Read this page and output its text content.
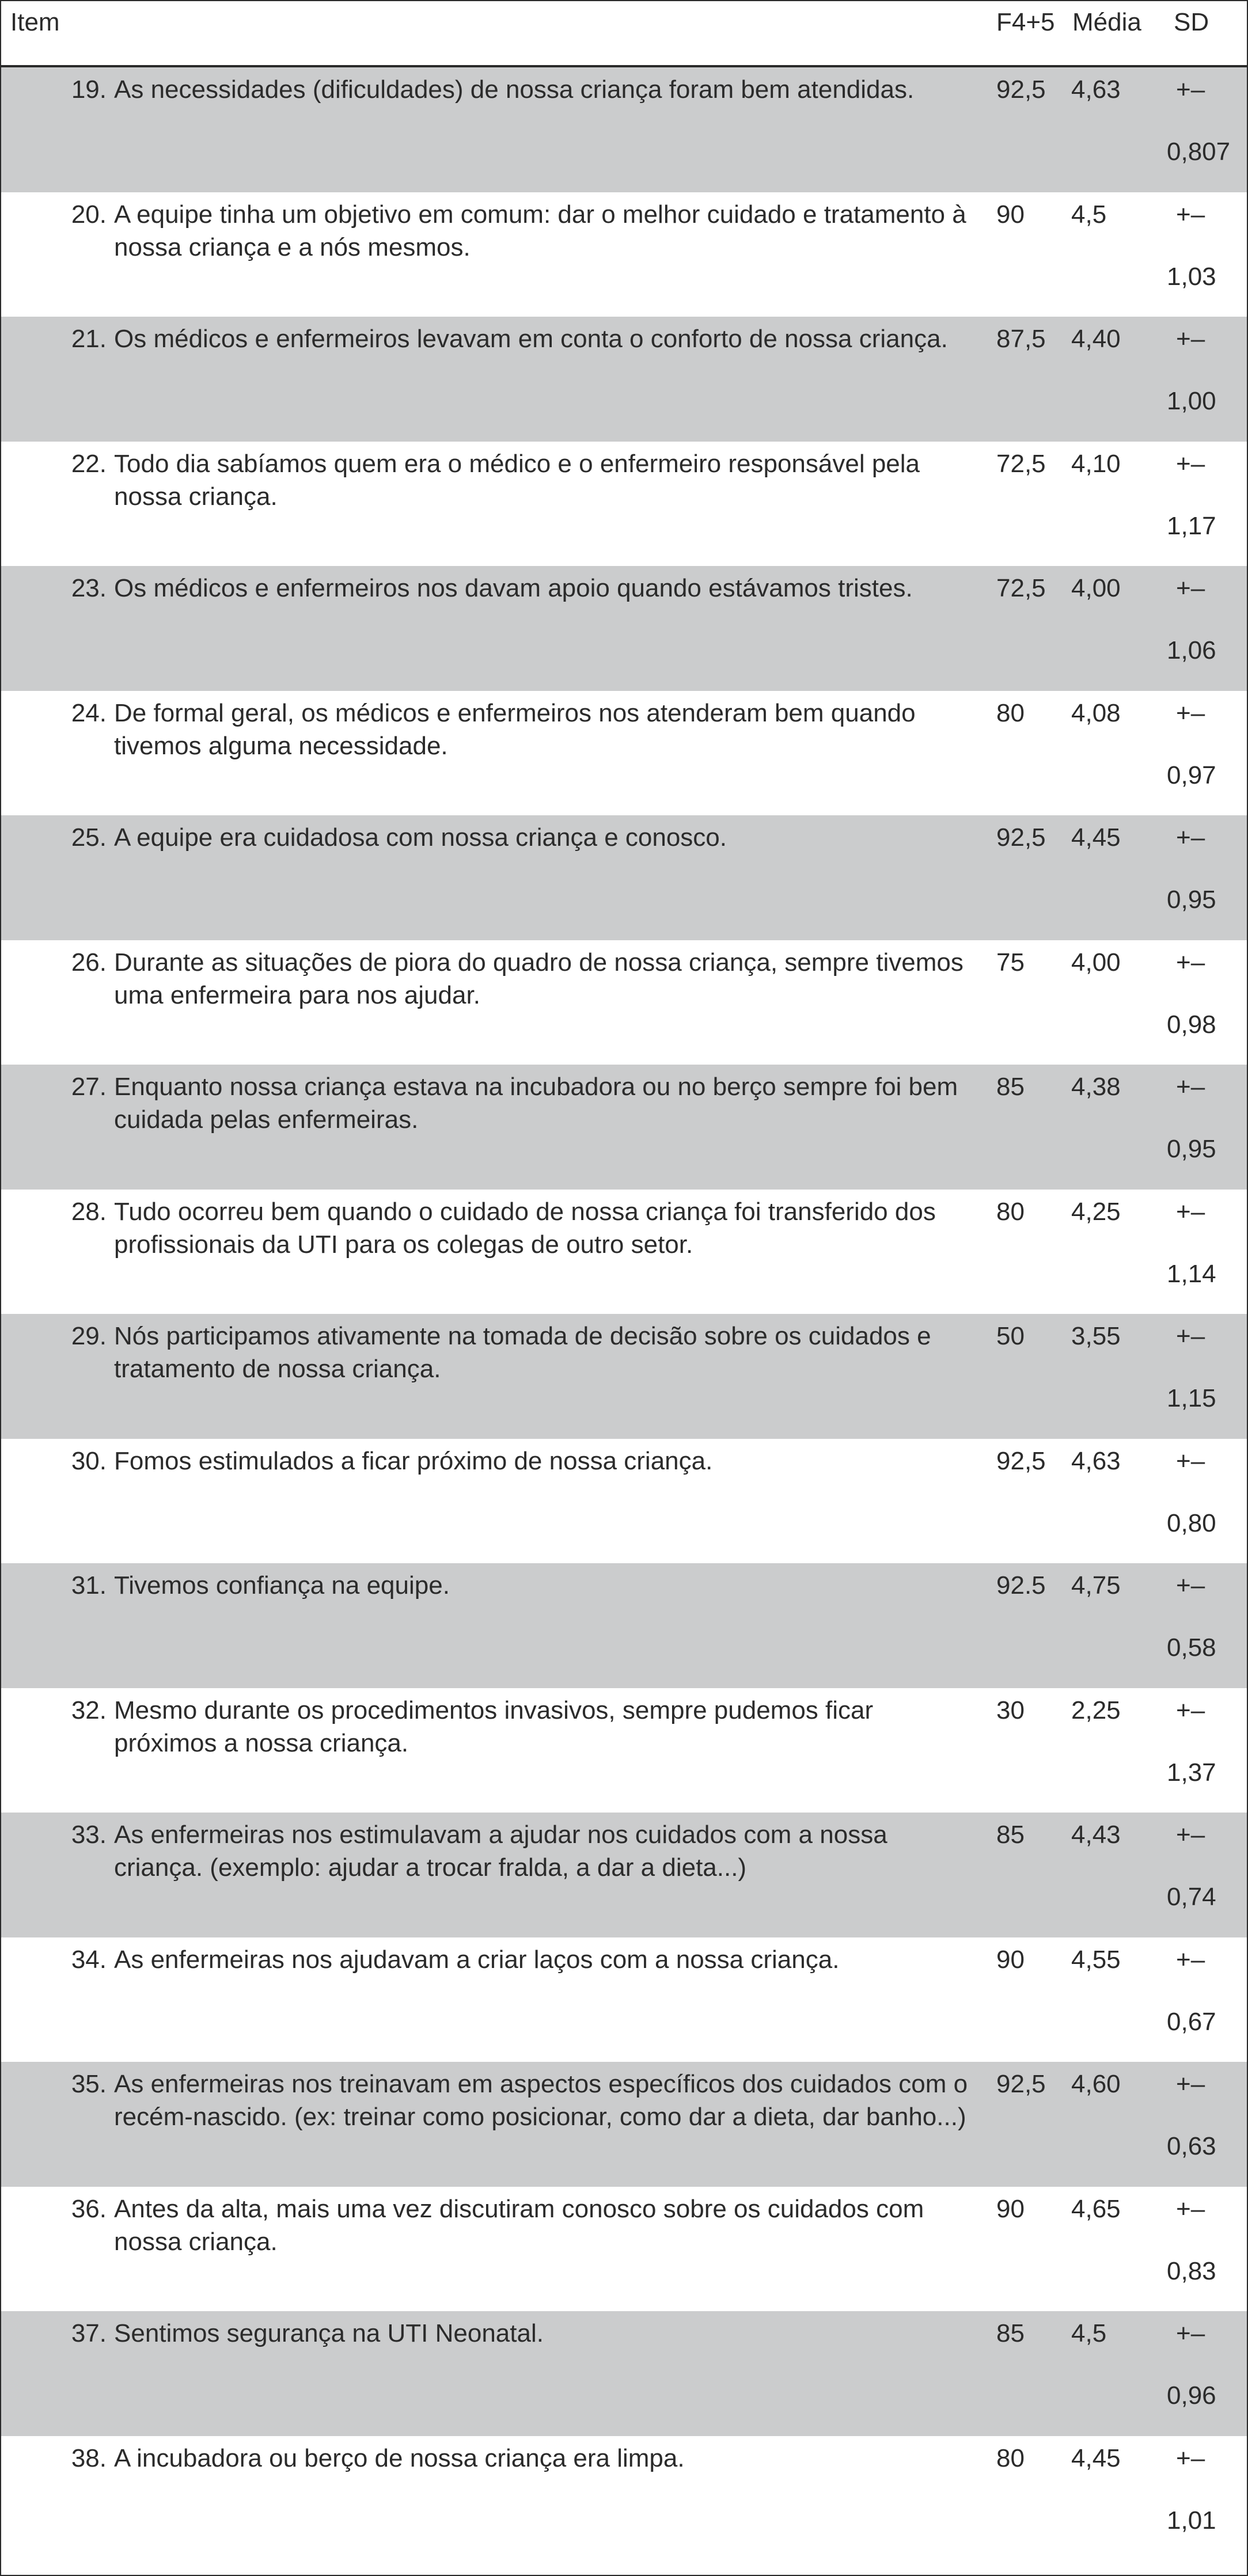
Item	F4+5 Média SD
19. As necessidades (dificuldades) de nossa criança foram bem atendidas.	92,5 4,63 +–
0,807
20. A equipe tinha um objetivo em comum: dar o melhor cuidado e tratamento à nossa criança e a nós mesmos.
90 4,5	+–
1,03
21. Os médicos e enfermeiros levavam em conta o conforto de nossa criança.	87,5 4,40 +–
1,00
22. Todo dia sabíamos quem era o médico e o enfermeiro responsável pela nossa criança.
72,5 4,10 +–
1,17
23. Os médicos e enfermeiros nos davam apoio quando estávamos tristes.	72,5 4,00 +–
1,06
24. De formal geral, os médicos e enfermeiros nos atenderam bem quando tivemos alguma necessidade.
80 4,08 +–
0,97
25. A equipe era cuidadosa com nossa criança e conosco.	92,5 4,45 +–
0,95
26. Durante as situações de piora do quadro de nossa criança, sempre tivemos uma enfermeira para nos ajudar.
75 4,00 +–
0,98
27. Enquanto nossa criança estava na incubadora ou no berço sempre foi bem cuidada pelas enfermeiras.
85 4,38 +–
0,95
28. Tudo ocorreu bem quando o cuidado de nossa criança foi transferido dos profissionais da UTI para os colegas de outro setor.
80 4,25 +–
1,14
29. Nós participamos ativamente na tomada de decisão sobre os cuidados e tratamento de nossa criança.
50 3,55 +–
1,15
30. Fomos estimulados a ficar próximo de nossa criança.	92,5 4,63 +–
0,80
31. Tivemos confiança na equipe.	92.5 4,75 +–
0,58
32. Mesmo durante os procedimentos invasivos, sempre pudemos ficar próximos a nossa criança.
30 2,25 +–
1,37
33. As enfermeiras nos estimulavam a ajudar nos cuidados com a nossa criança. (exemplo: ajudar a trocar fralda, a dar a dieta...)
85 4,43 +–
0,74
34. As enfermeiras nos ajudavam a criar laços com a nossa criança.	90 4,55 +–
0,67
35. As enfermeiras nos treinavam em aspectos específicos dos cuidados com o recém-nascido. (ex: treinar como posicionar, como dar a dieta, dar banho...)
92,5 4,60 +–
0,63
36. Antes da alta, mais uma vez discutiram conosco sobre os cuidados com nossa criança.
90 4,65 +–
0,83
37. Sentimos segurança na UTI Neonatal.	85 4,5	+–
0,96
38. A incubadora ou berço de nossa criança era limpa.	80 4,45 +–
1,01
